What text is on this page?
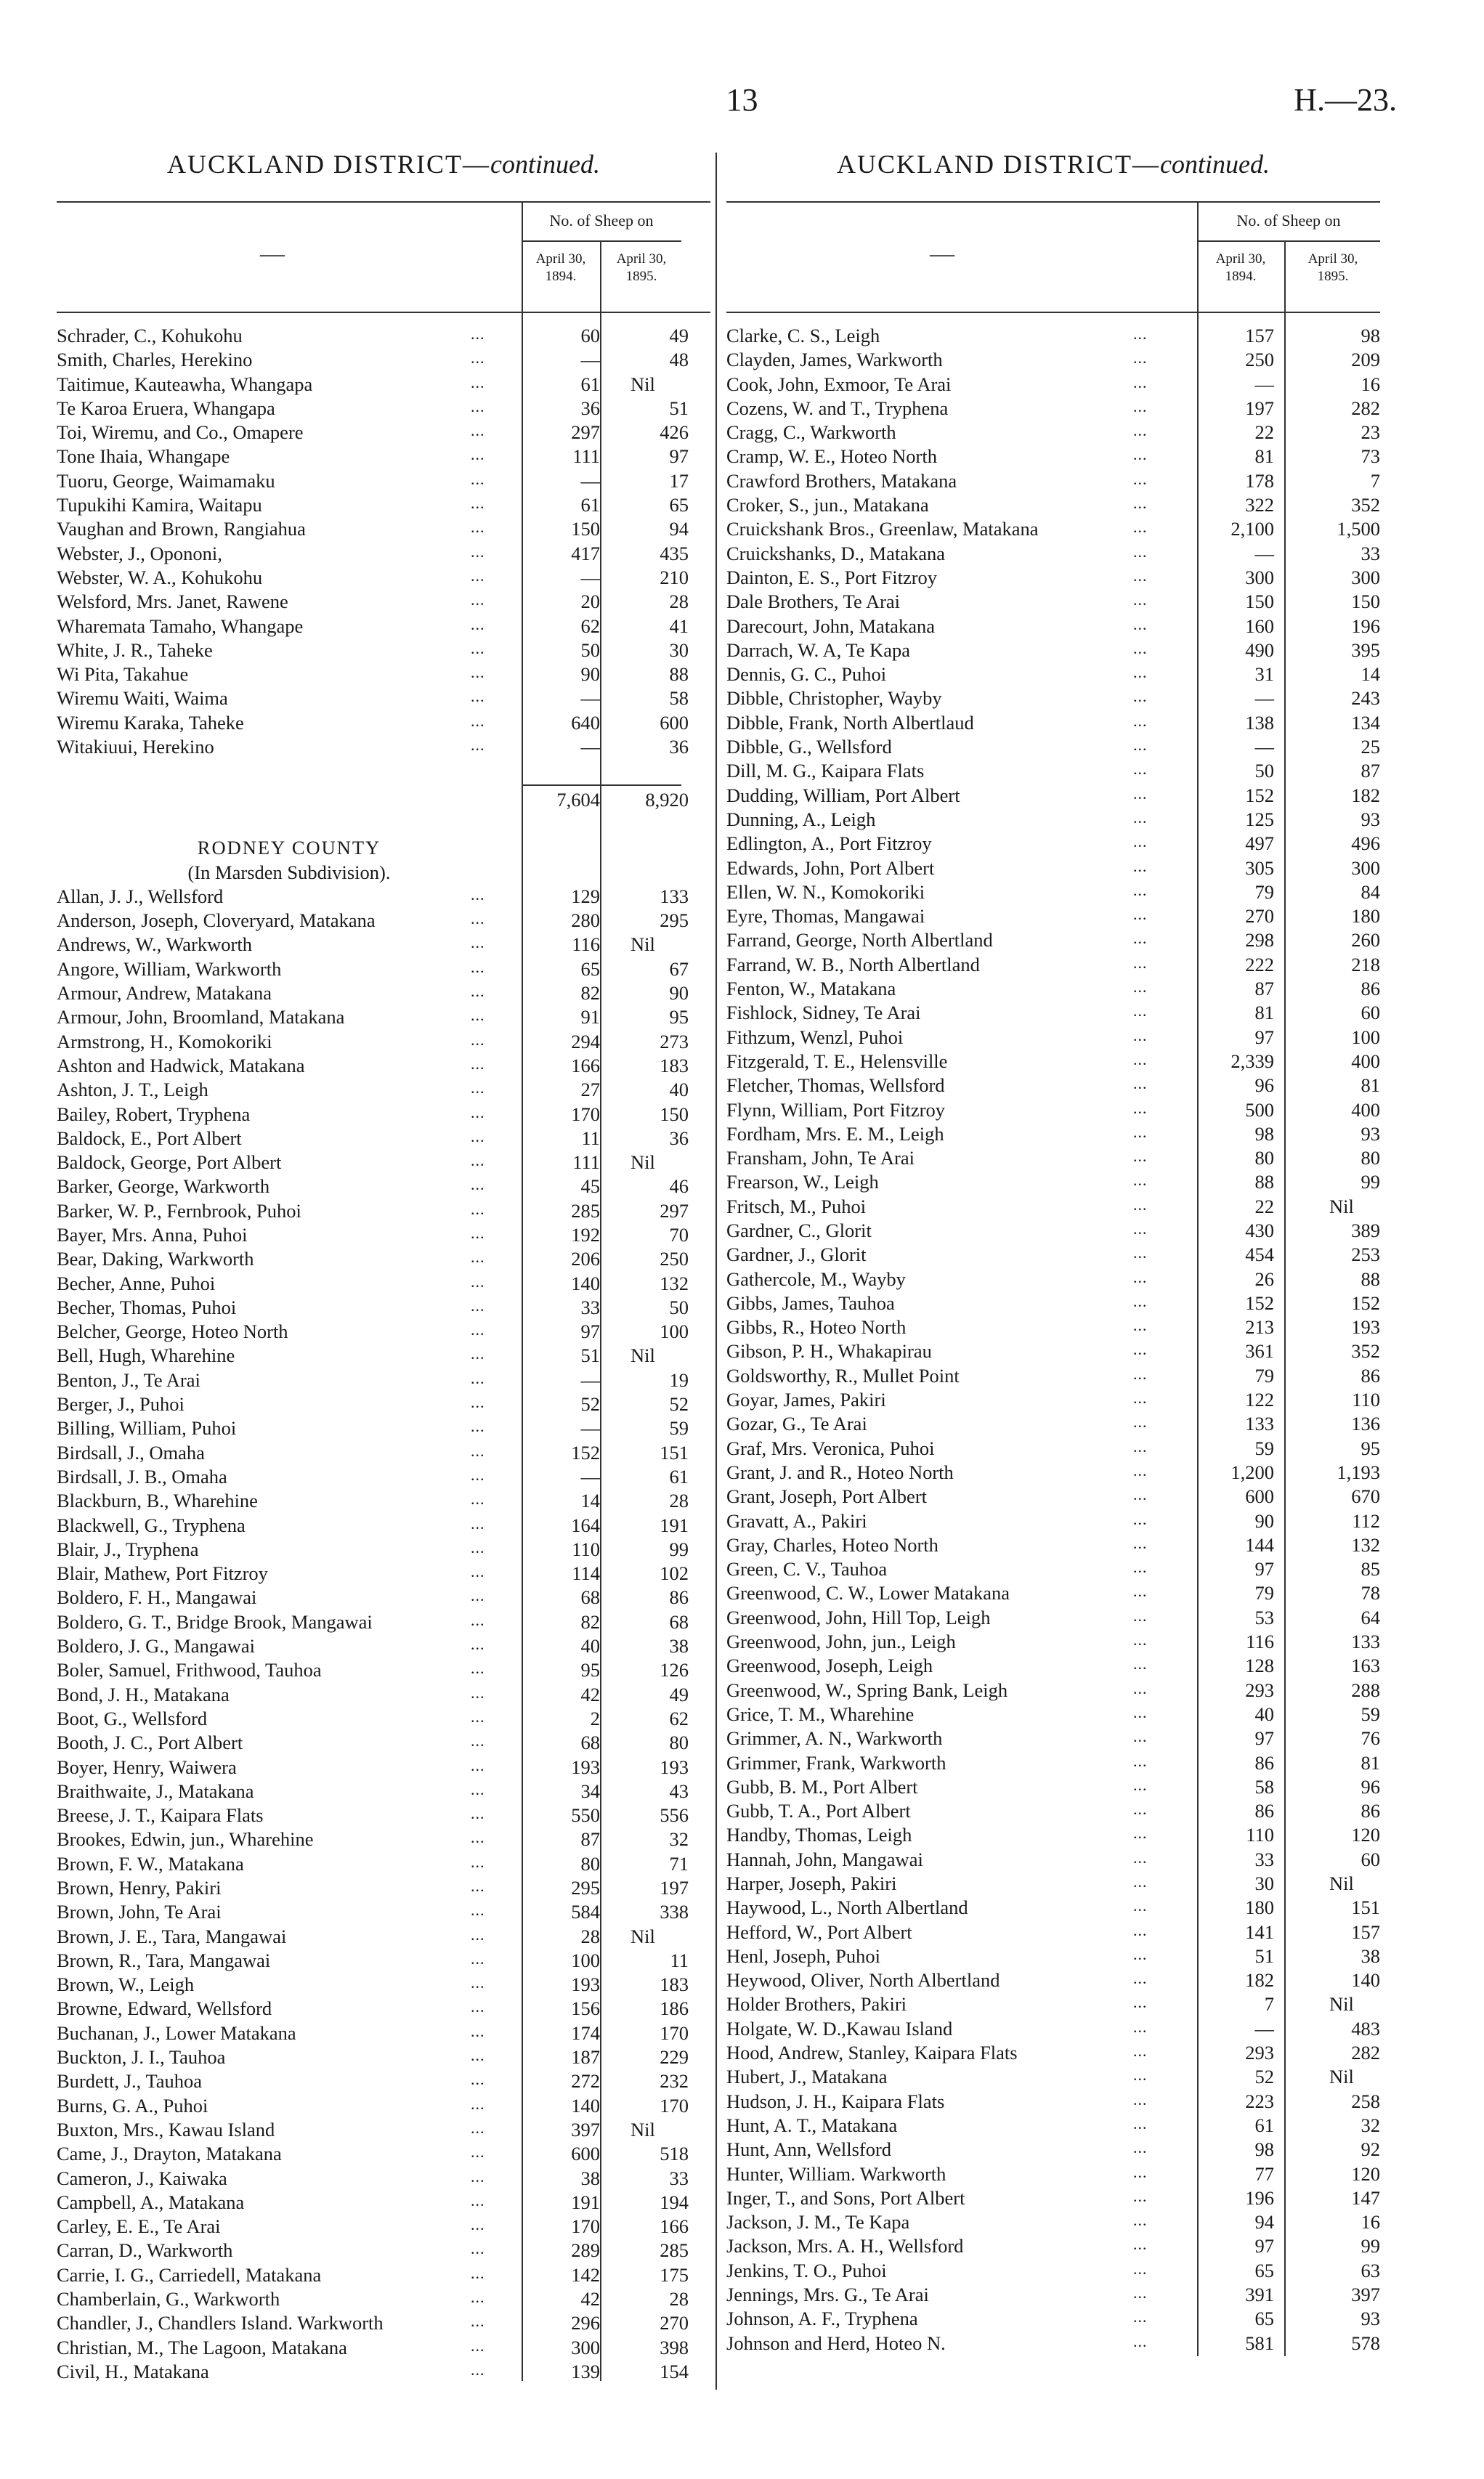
13	H.—23.
AUCKLAND DISTRICT—continued.
—
No. of Sheep on
April 30,
1894.
April 30,
1895.
Schrader, C., Kohukohu	...	60	49
Smith, Charles, Herekino	...	—	48
Taitimue, Kauteawha, Whangapa	...	61 Nil
Te Karoa Eruera, Whangapa	...	36	51
Toi, Wiremu, and Co., Omapere	...	297	426
Tone Ihaia, Whangape	...	111	97
Tuoru, George, Waimamaku	...	—	17
Tupukihi Kamira, Waitapu	...	61	65
Vaughan and Brown, Rangiahua	...	150	94
Webster, J., Opononi,	...	417	435
Webster, W. A., Kohukohu	...	—	210
Welsford, Mrs. Janet, Rawene	...	20	28
Wharemata Tamaho, Whangape	...	62	41
White, J. R., Taheke	...	50	30
Wi Pita, Takahue	...	90	88
Wiremu Waiti, Waima	...	—	58
Wiremu Karaka, Taheke	...	640	600
Witakiuui, Herekino	...	—	36
7,604	8,920
RODNEY COUNTY
(In Marsden Subdivision).
Allan, J. J., Wellsford	...	129	133
Anderson, Joseph, Cloveryard, Matakana	...	280	295
Andrews, W., Warkworth	...	116 Nil
Angore, William, Warkworth	...	65	67
Armour, Andrew, Matakana	...	82	90
Armour, John, Broomland, Matakana	...	91	95
Armstrong, H., Komokoriki	...	294	273
Ashton and Hadwick, Matakana	...	166	183
Ashton, J. T., Leigh	...	27	40
Bailey, Robert, Tryphena	...	170	150
Baldock, E., Port Albert	...	11	36
Baldock, George, Port Albert	...	111 Nil
Barker, George, Warkworth	...	45	46
Barker, W. P., Fernbrook, Puhoi	...	285	297
Bayer, Mrs. Anna, Puhoi	...	192	70
Bear, Daking, Warkworth	...	206	250
Becher, Anne, Puhoi	...	140	132
Becher, Thomas, Puhoi	...	33	50
Belcher, George, Hoteo North	...	97	100
Bell, Hugh, Wharehine	...	51 Nil
Benton, J., Te Arai	...	—	19
Berger, J., Puhoi	...	52	52
Billing, William, Puhoi	...	—	59
Birdsall, J., Omaha	...	152	151
Birdsall, J. B., Omaha	...	—	61
Blackburn, B., Wharehine	...	14	28
Blackwell, G., Tryphena	...	164	191
Blair, J., Tryphena	...	110	99
Blair, Mathew, Port Fitzroy	...	114	102
Boldero, F. H., Mangawai	...	68	86
Boldero, G. T., Bridge Brook, Mangawai	...	82	68
Boldero, J. G., Mangawai	...	40	38
Boler, Samuel, Frithwood, Tauhoa	...	95	126
Bond, J. H., Matakana	...	42	49
Boot, G., Wellsford	...	2	62
Booth, J. C., Port Albert	...	68	80
Boyer, Henry, Waiwera	...	193	193
Braithwaite, J., Matakana	...	34	43
Breese, J. T., Kaipara Flats	...	550	556
Brookes, Edwin, jun., Wharehine	...	87	32
Brown, F. W., Matakana	...	80	71
Brown, Henry, Pakiri	...	295	197
Brown, John, Te Arai	...	584	338
Brown, J. E., Tara, Mangawai	...	28 Nil
Brown, R., Tara, Mangawai	...	100	11
Brown, W., Leigh	...	193	183
Browne, Edward, Wellsford	...	156	186
Buchanan, J., Lower Matakana	...	174	170
Buckton, J. I., Tauhoa	...	187	229
Burdett, J., Tauhoa	...	272	232
Burns, G. A., Puhoi	...	140	170
Buxton, Mrs., Kawau Island	...	397 Nil
Came, J., Drayton, Matakana	...	600	518
Cameron, J., Kaiwaka	...	38	33
Campbell, A., Matakana	...	191	194
Carley, E. E., Te Arai	...	170	166
Carran, D., Warkworth	...	289	285
Carrie, I. G., Carriedell, Matakana	...	142	175
Chamberlain, G., Warkworth	...	42	28
Chandler, J., Chandlers Island. Warkworth	...	296	270
Christian, M., The Lagoon, Matakana	...	300	398
Civil, H., Matakana	...	139	154
AUCKLAND DISTRICT—continued.
—
No. of Sheep on
April 30,
1894.
April 30,
1895.
Clarke, C. S., Leigh	...	157	98
Clayden, James, Warkworth	...	250	209
Cook, John, Exmoor, Te Arai	...	—	16
Cozens, W. and T., Tryphena	...	197	282
Cragg, C., Warkworth	...	22	23
Cramp, W. E., Hoteo North	...	81	73
Crawford Brothers, Matakana	...	178	7
Croker, S., jun., Matakana	...	322	352
Cruickshank Bros., Greenlaw, Matakana	...	2,100	1,500
Cruickshanks, D., Matakana	...	—	33
Dainton, E. S., Port Fitzroy	...	300	300
Dale Brothers, Te Arai	...	150	150
Darecourt, John, Matakana	...	160	196
Darrach, W. A, Te Kapa	...	490	395
Dennis, G. C., Puhoi	...	31	14
Dibble, Christopher, Wayby	...	—	243
Dibble, Frank, North Albertlaud	...	138	134
Dibble, G., Wellsford	...	—	25
Dill, M. G., Kaipara Flats	...	50	87
Dudding, William, Port Albert	...	152	182
Dunning, A., Leigh	...	125	93
Edlington, A., Port Fitzroy	...	497	496
Edwards, John, Port Albert	...	305	300
Ellen, W. N., Komokoriki	...	79	84
Eyre, Thomas, Mangawai	...	270	180
Farrand, George, North Albertland	...	298	260
Farrand, W. B., North Albertland	...	222	218
Fenton, W., Matakana	...	87	86
Fishlock, Sidney, Te Arai	...	81	60
Fithzum, Wenzl, Puhoi	...	97	100
Fitzgerald, T. E., Helensville	...	2,339	400
Fletcher, Thomas, Wellsford	...	96	81
Flynn, William, Port Fitzroy	...	500	400
Fordham, Mrs. E. M., Leigh	...	98	93
Fransham, John, Te Arai	...	80	80
Frearson, W., Leigh	...	88	99
Fritsch, M., Puhoi	...	22	Nil
Gardner, C., Glorit	...	430	389
Gardner, J., Glorit	...	454	253
Gathercole, M., Wayby	...	26	88
Gibbs, James, Tauhoa	...	152	152
Gibbs, R., Hoteo North	...	213	193
Gibson, P. H., Whakapirau	...	361	352
Goldsworthy, R., Mullet Point	...	79	86
Goyar, James, Pakiri	...	122	110
Gozar, G., Te Arai	...	133	136
Graf, Mrs. Veronica, Puhoi	...	59	95
Grant, J. and R., Hoteo North	...	1,200	1,193
Grant, Joseph, Port Albert	...	600	670
Gravatt, A., Pakiri	...	90	112
Gray, Charles, Hoteo North	...	144	132
Green, C. V., Tauhoa	...	97	85
Greenwood, C. W., Lower Matakana	...	79	78
Greenwood, John, Hill Top, Leigh	...	53	64
Greenwood, John, jun., Leigh	...	116	133
Greenwood, Joseph, Leigh	...	128	163
Greenwood, W., Spring Bank, Leigh	...	293	288
Grice, T. M., Wharehine	...	40	59
Grimmer, A. N., Warkworth	...	97	76
Grimmer, Frank, Warkworth	...	86	81
Gubb, B. M., Port Albert	...	58	96
Gubb, T. A., Port Albert	...	86	86
Handby, Thomas, Leigh	...	110	120
Hannah, John, Mangawai	...	33	60
Harper, Joseph, Pakiri	...	30	Nil
Haywood, L., North Albertland	...	180	151
Hefford, W., Port Albert	...	141	157
Henl, Joseph, Puhoi	...	51	38
Heywood, Oliver, North Albertland	...	182	140
Holder Brothers, Pakiri	...	7	Nil
Holgate, W. D.,Kawau Island	...	—	483
Hood, Andrew, Stanley, Kaipara Flats	...	293	282
Hubert, J., Matakana	...	52	Nil
Hudson, J. H., Kaipara Flats	...	223	258
Hunt, A. T., Matakana	...	61	32
Hunt, Ann, Wellsford	...	98	92
Hunter, William. Warkworth	...	77	120
Inger, T., and Sons, Port Albert	...	196	147
Jackson, J. M., Te Kapa	...	94	16
Jackson, Mrs. A. H., Wellsford	...	97	99
Jenkins, T. O., Puhoi	...	65	63
Jennings, Mrs. G., Te Arai	...	391	397
Johnson, A. F., Tryphena	...	65	93
Johnson and Herd, Hoteo N.	...	581	578
